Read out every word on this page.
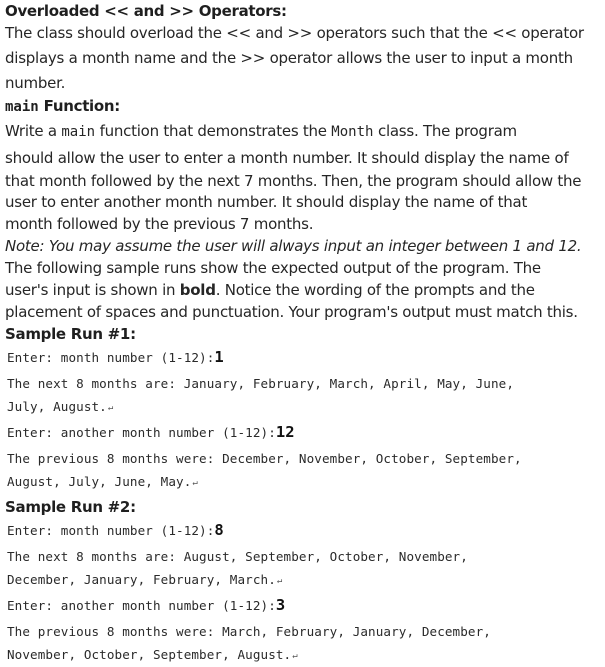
Overloaded << and >> Operators:
The class should overload the << and >> operators such that the << operator
displays a month name and the >> operator allows the user to input a month
number.
main Function:
Write a main function that demonstrates the Month class. The program
should allow the user to enter a month number. It should display the name of
that month followed by the next 7 months. Then, the program should allow the
user to enter another month number. It should display the name of that
month followed by the previous 7 months.
Note: You may assume the user will always input an integer between 1 and 12.
The following sample runs show the expected output of the program. The
user's input is shown in bold. Notice the wording of the prompts and the
placement of spaces and punctuation. Your program's output must match this.
Sample Run #1:
Enter: month number (1-12):1
The next 8 months are: January, February, March, April, May, June,
July, August.↵
Enter: another month number (1-12):12
The previous 8 months were: December, November, October, September,
August, July, June, May.↵
Sample Run #2:
Enter: month number (1-12):8
The next 8 months are: August, September, October, November,
December, January, February, March.↵
Enter: another month number (1-12):3
The previous 8 months were: March, February, January, December,
November, October, September, August.↵
